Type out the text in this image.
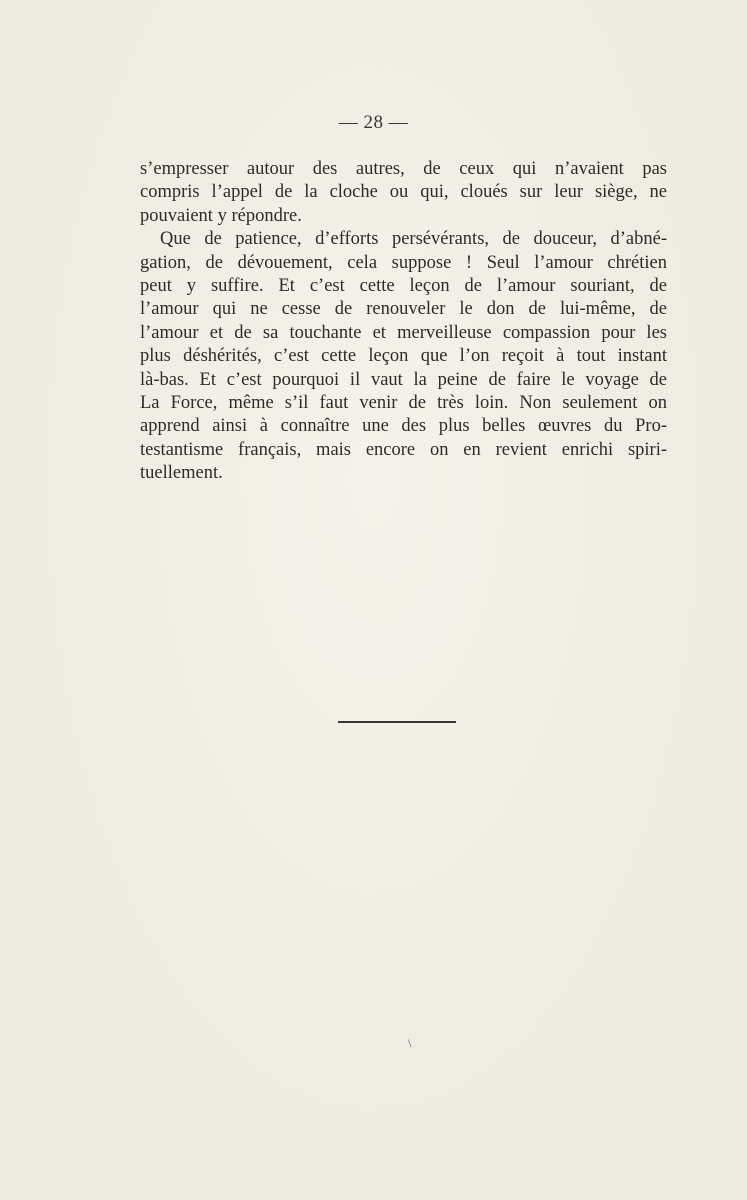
— 28 —

s’empresser autour des autres, de ceux qui n’avaient pas
compris l’appel de la cloche ou qui, cloués sur leur siège, ne
pouvaient y répondre.

Que de patience, d’efforts persévérants, de douceur, d’abné-
gation, de dévouement, cela suppose ! Seul l’amour chrétien
peut y suffire. Et c’est cette leçon de l’amour souriant, de
l’amour qui ne cesse de renouveler le don de lui-même, de
l’amour et de sa touchante et merveilleuse compassion pour les
plus déshérités, c’est cette leçon que l’on reçoit à tout instant
là-bas. Et c’est pourquoi il vaut la peine de faire le voyage de
La Force, même s’il faut venir de très loin. Non seulement on
apprend ainsi à connaître une des plus belles œuvres du Pro-
testantisme français, mais encore on en revient enrichi spiri-
tuellement.

\
